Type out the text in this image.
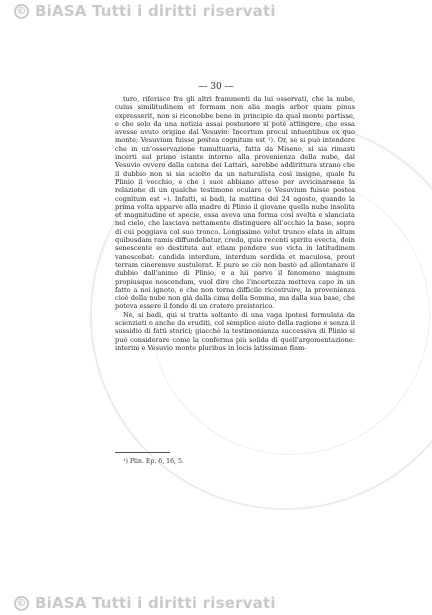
© BiASA Tutti i diritti riservati
— 30 —

turo, riferisce fra gli altri frammenti da lui osservati, che la nube, cuius similitudinem et formam non alia magis arbor quam pinus expresserit, non si riconobbe bene in principio da qual monte partisse, e che solo da una notizia assai posteriore si potè attingere, che essa avesse avuto origine dal Vesuvio: Incertum procul intuentibus ex quo monte; Vesuvium fuisse postea cognitum est ¹). Or, se si può intendere che in un'osservazione tumultuaria, fatta da Miseno, si sia rimasti incerti sul primo istante intorno alla provenienza della nube, dal Vesuvio ovvero dalla catena dei Lattari, sarebbe addirittura strano che il dubbio non si sia sciolto da un naturalista così insigne, quale fu Plinio il vecchio, e che i suoi abbiano atteso per avvicinarsene la relazione di un qualche testimone oculare (e Vesuvium fuisse postea cognitum est »). Infatti, si badi, la mattina del 24 agosto, quando la prima volta apparve alla madre di Plinio il giovane quella nube insolita et magnitudine et specie, essa aveva una forma così svelta e slanciata nel cielo, che lasciava nettamente distinguere all'occhio la base, sopra di cui poggiava col suo tronco. Longissimo velut trunco elata in altum quibusdam ramis diffundebatur, credo, quia recenti spiritu evecta, dein senescente eo destituta aut etiam pondere suo victa in latitudinem vanescebat: candida interdum, interdum sordida et maculosa, prout terram cineremve sustulerat. E pure se ciò non bastò ad allontanare il dubbio dall'animo di Plinio, e a lui parve il fenomeno magnum propiusque noscendum, vuol dire che l'incertezza metteva capo in un fatto a noi ignoto, e che non torna difficile ricostruire, la provenienza cioè della nube non già dalla cima della Somma, ma dalla sua base, che poteva essere il fondo di un cratere preistorico.

Nè, si badi, qui si tratta soltanto di una vaga ipotesi formulata da scienziati o anche da eruditi, col semplice aiuto della ragione e senza il sussidio di fatti storici; giacchè la testimonianza successiva di Plinio si può considerare come la conferma più solida di quell'argomentazione: interim e Vesuvio monte pluribus in locis latissimae flam-

¹) Plin. Ep. 6, 16, 5.
© BiASA Tutti i diritti riservati
